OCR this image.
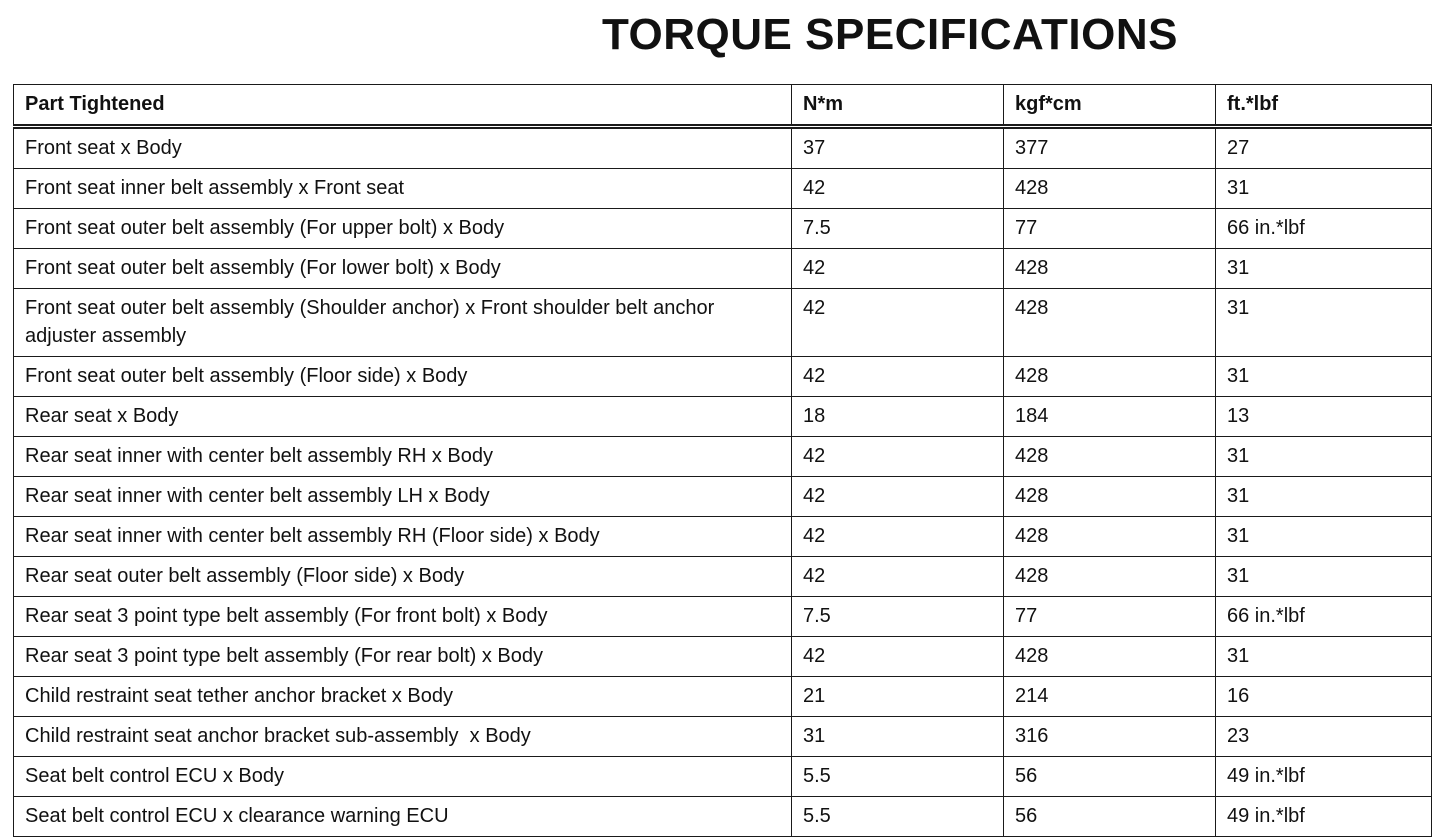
TORQUE SPECIFICATIONS
Part Tightened	N*m	kgf*cm	ft.*lbf
Front seat x Body	37	377	27
Front seat inner belt assembly x Front seat	42	428	31
Front seat outer belt assembly (For upper bolt) x Body	7.5	77	66 in.*lbf
Front seat outer belt assembly (For lower bolt) x Body	42	428	31
Front seat outer belt assembly (Shoulder anchor) x Front shoulder belt anchor adjuster assembly	42	428	31
Front seat outer belt assembly (Floor side) x Body	42	428	31
Rear seat x Body	18	184	13
Rear seat inner with center belt assembly RH x Body	42	428	31
Rear seat inner with center belt assembly LH x Body	42	428	31
Rear seat inner with center belt assembly RH (Floor side) x Body	42	428	31
Rear seat outer belt assembly (Floor side) x Body	42	428	31
Rear seat 3 point type belt assembly (For front bolt) x Body	7.5	77	66 in.*lbf
Rear seat 3 point type belt assembly (For rear bolt) x Body	42	428	31
Child restraint seat tether anchor bracket x Body	21	214	16
Child restraint seat anchor bracket sub-assembly  x Body	31	316	23
Seat belt control ECU x Body	5.5	56	49 in.*lbf
Seat belt control ECU x clearance warning ECU	5.5	56	49 in.*lbf
